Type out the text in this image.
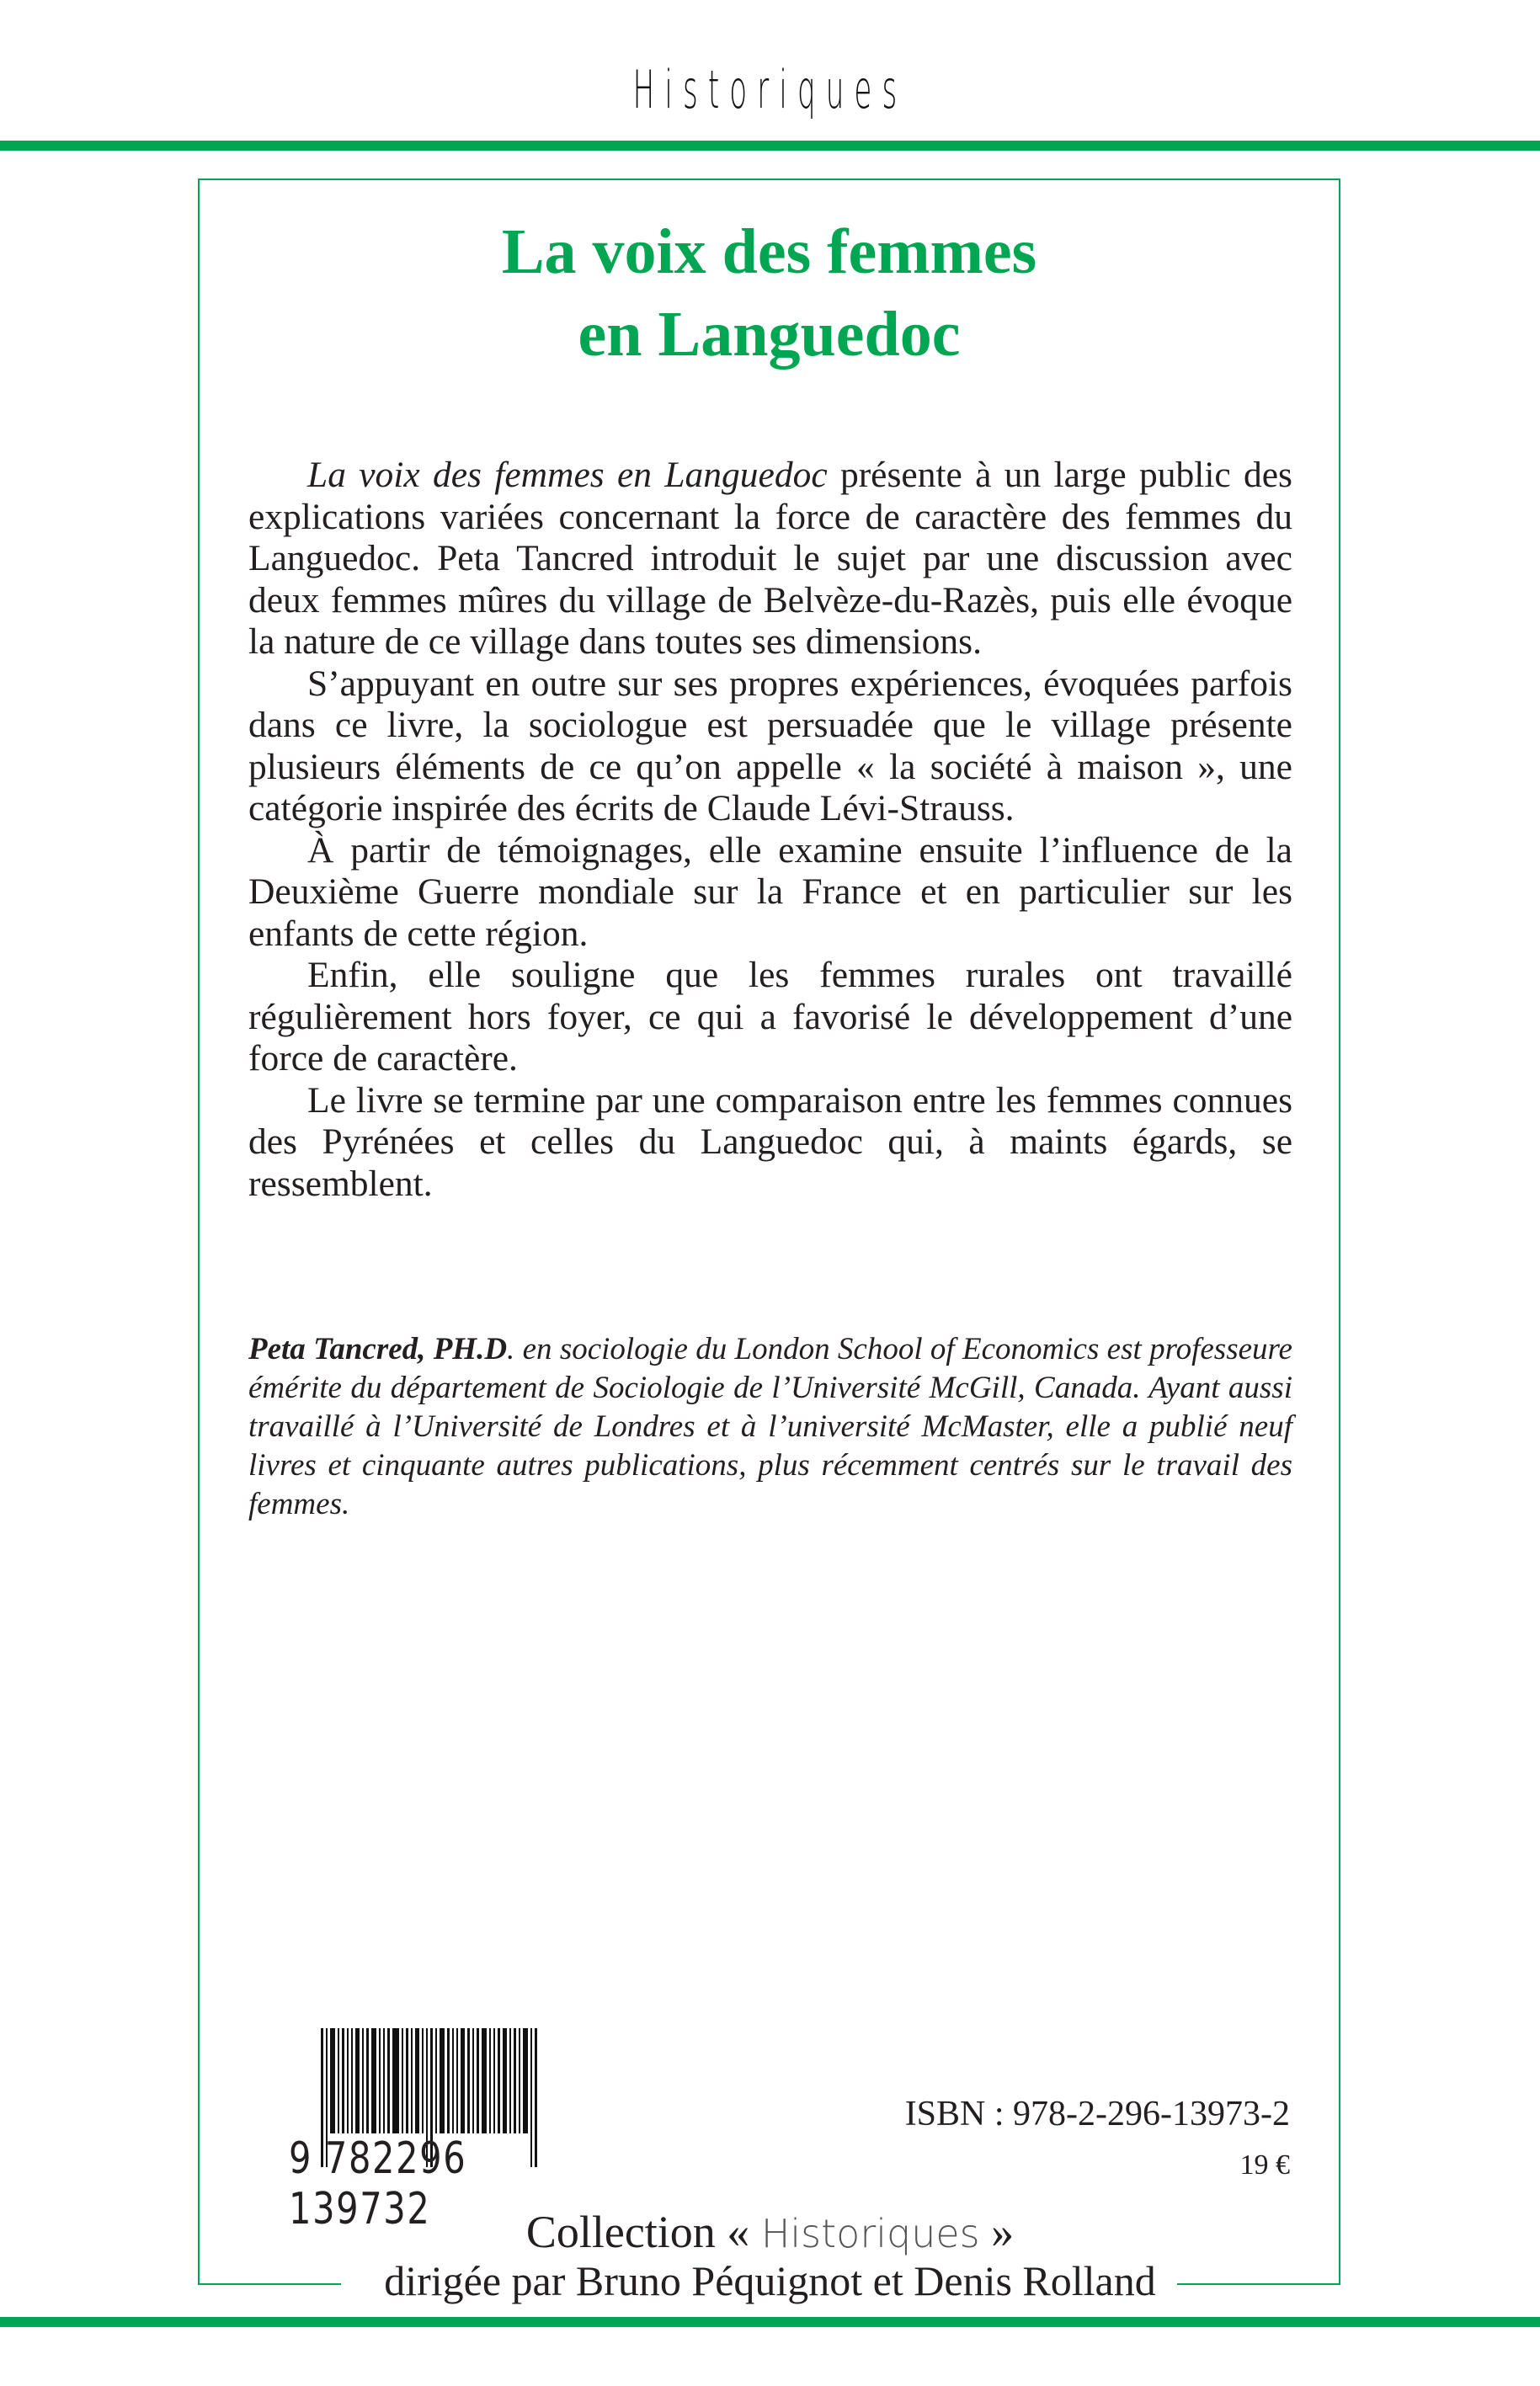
Historiques
La voix des femmes
en Languedoc

La voix des femmes en Languedoc présente à un large public des explications variées concernant la force de caractère des femmes du Languedoc. Peta Tancred introduit le sujet par une discussion avec deux femmes mûres du village de Belvèze-du-Razès, puis elle évoque la nature de ce village dans toutes ses dimensions.

S’appuyant en outre sur ses propres expériences, évoquées parfois dans ce livre, la sociologue est persuadée que le village présente plusieurs éléments de ce qu’on appelle « la société à maison », une catégorie inspirée des écrits de Claude Lévi-Strauss.

À partir de témoignages, elle examine ensuite l’influence de la Deuxième Guerre mondiale sur la France et en particulier sur les enfants de cette région.

Enfin, elle souligne que les femmes rurales ont travaillé régulièrement hors foyer, ce qui a favorisé le développement d’une force de caractère.

Le livre se termine par une comparaison entre les femmes connues des Pyrénées et celles du Languedoc qui, à maints égards, se ressemblent.

Peta Tancred, PH.D. en sociologie du London School of Economics est professeure émérite du département de Sociologie de l’Université McGill, Canada. Ayant aussi travaillé à l’Université de Londres et à l’université McMaster, elle a publié neuf livres et cinquante autres publications, plus récemment centrés sur le travail des femmes.
9 782296 139732
ISBN : 978-2-296-13973-2
19 €
Collection « Historiques »
dirigée par Bruno Péquignot et Denis Rolland
